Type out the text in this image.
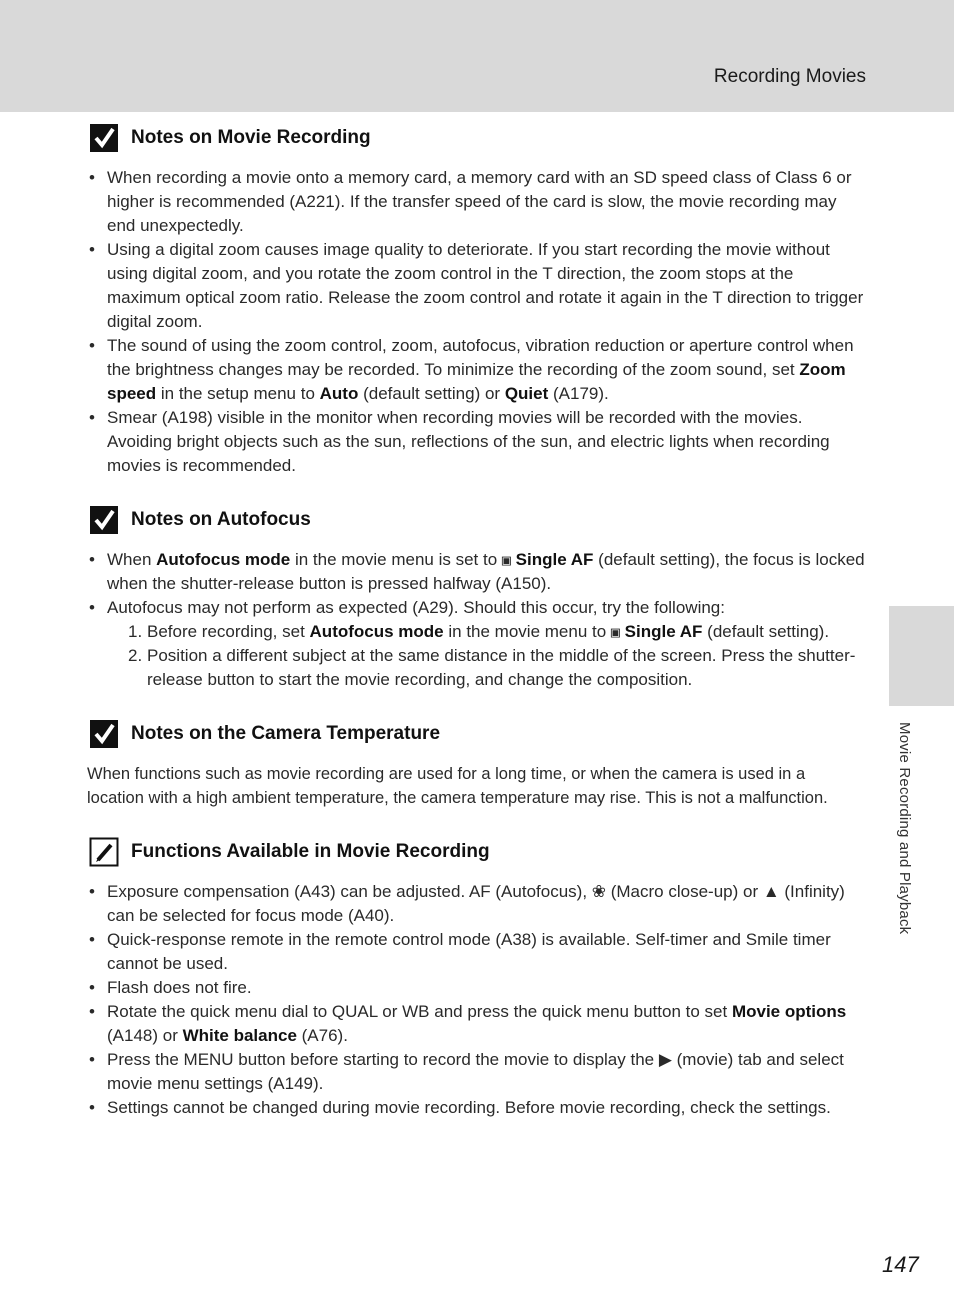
Recording Movies
Movie Recording and Playback
Notes on Movie Recording
• When recording a movie onto a memory card, a memory card with an SD speed class of Class 6 or higher is recommended (A221). If the transfer speed of the card is slow, the movie recording may end unexpectedly.
• Using a digital zoom causes image quality to deteriorate. If you start recording the movie without using digital zoom, and you rotate the zoom control in the T direction, the zoom stops at the maximum optical zoom ratio. Release the zoom control and rotate it again in the T direction to trigger digital zoom.
• The sound of using the zoom control, zoom, autofocus, vibration reduction or aperture control when the brightness changes may be recorded. To minimize the recording of the zoom sound, set Zoom speed in the setup menu to Auto (default setting) or Quiet (A179).
• Smear (A198) visible in the monitor when recording movies will be recorded with the movies. Avoiding bright objects such as the sun, reflections of the sun, and electric lights when recording movies is recommended.
Notes on Autofocus
• When Autofocus mode in the movie menu is set to ▣ Single AF (default setting), the focus is locked when the shutter-release button is pressed halfway (A150).
• Autofocus may not perform as expected (A29). Should this occur, try the following:
1. Before recording, set Autofocus mode in the movie menu to ▣ Single AF (default setting).
2. Position a different subject at the same distance in the middle of the screen. Press the shutter-release button to start the movie recording, and change the composition.
Notes on the Camera Temperature
When functions such as movie recording are used for a long time, or when the camera is used in a location with a high ambient temperature, the camera temperature may rise. This is not a malfunction.
Functions Available in Movie Recording
• Exposure compensation (A43) can be adjusted. AF (Autofocus), ❀ (Macro close-up) or ▲ (Infinity) can be selected for focus mode (A40).
• Quick-response remote in the remote control mode (A38) is available. Self-timer and Smile timer cannot be used.
• Flash does not fire.
• Rotate the quick menu dial to QUAL or WB and press the quick menu button to set Movie options (A148) or White balance (A76).
• Press the MENU button before starting to record the movie to display the ▶ (movie) tab and select movie menu settings (A149).
• Settings cannot be changed during movie recording. Before movie recording, check the settings.
147
